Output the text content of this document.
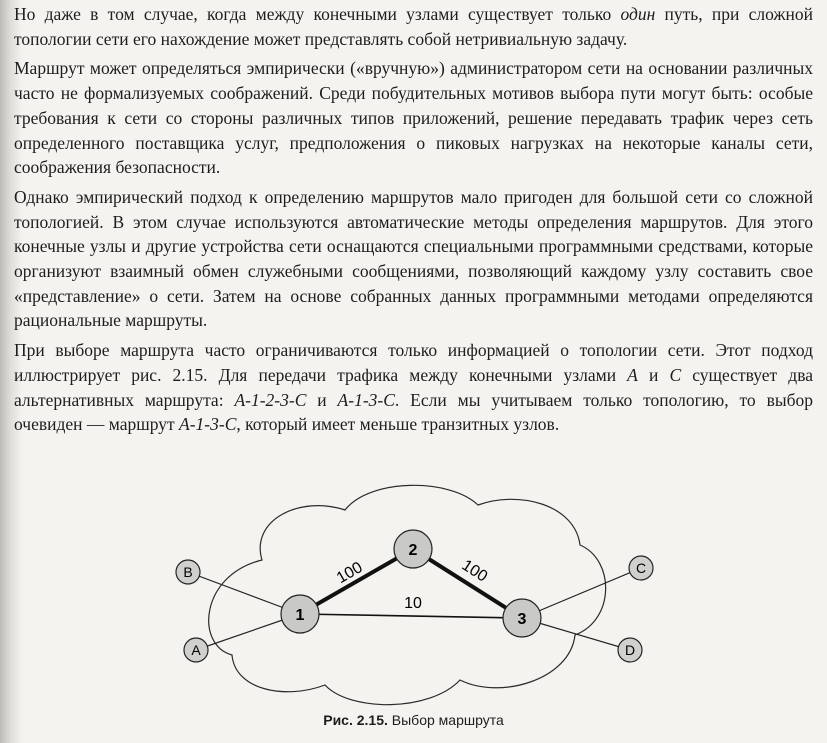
Но даже в том случае, когда между конечными узлами существует только один путь, при сложной топологии сети его нахождение может представлять собой нетривиальную задачу.

Маршрут может определяться эмпирически («вручную») администратором сети на основании различных часто не формализуемых соображений. Среди побудительных мотивов выбора пути могут быть: особые требования к сети со стороны различных типов приложений, решение передавать трафик через сеть определенного поставщика услуг, предположения о пиковых нагрузках на некоторые каналы сети, соображения безопасности.

Однако эмпирический подход к определению маршрутов мало пригоден для большой сети со сложной топологией. В этом случае используются автоматические методы определения маршрутов. Для этого конечные узлы и другие устройства сети оснащаются специальными программными средствами, которые организуют взаимный обмен служебными сообщениями, позволяющий каждому узлу составить свое «представление» о сети. Затем на основе собранных данных программными методами определяются рациональные маршруты.

При выборе маршрута часто ограничиваются только информацией о топологии сети. Этот подход иллюстрирует рис. 2.15. Для передачи трафика между конечными узлами A и C существует два альтернативных маршрута: A-1-2-3-C и A-1-3-C. Если мы учитываем только топологию, то выбор очевиден — маршрут A-1-3-C, который имеет меньше транзитных узлов.

100	100
10
1
2
3
B
A
C
D
Рис. 2.15. Выбор маршрута
